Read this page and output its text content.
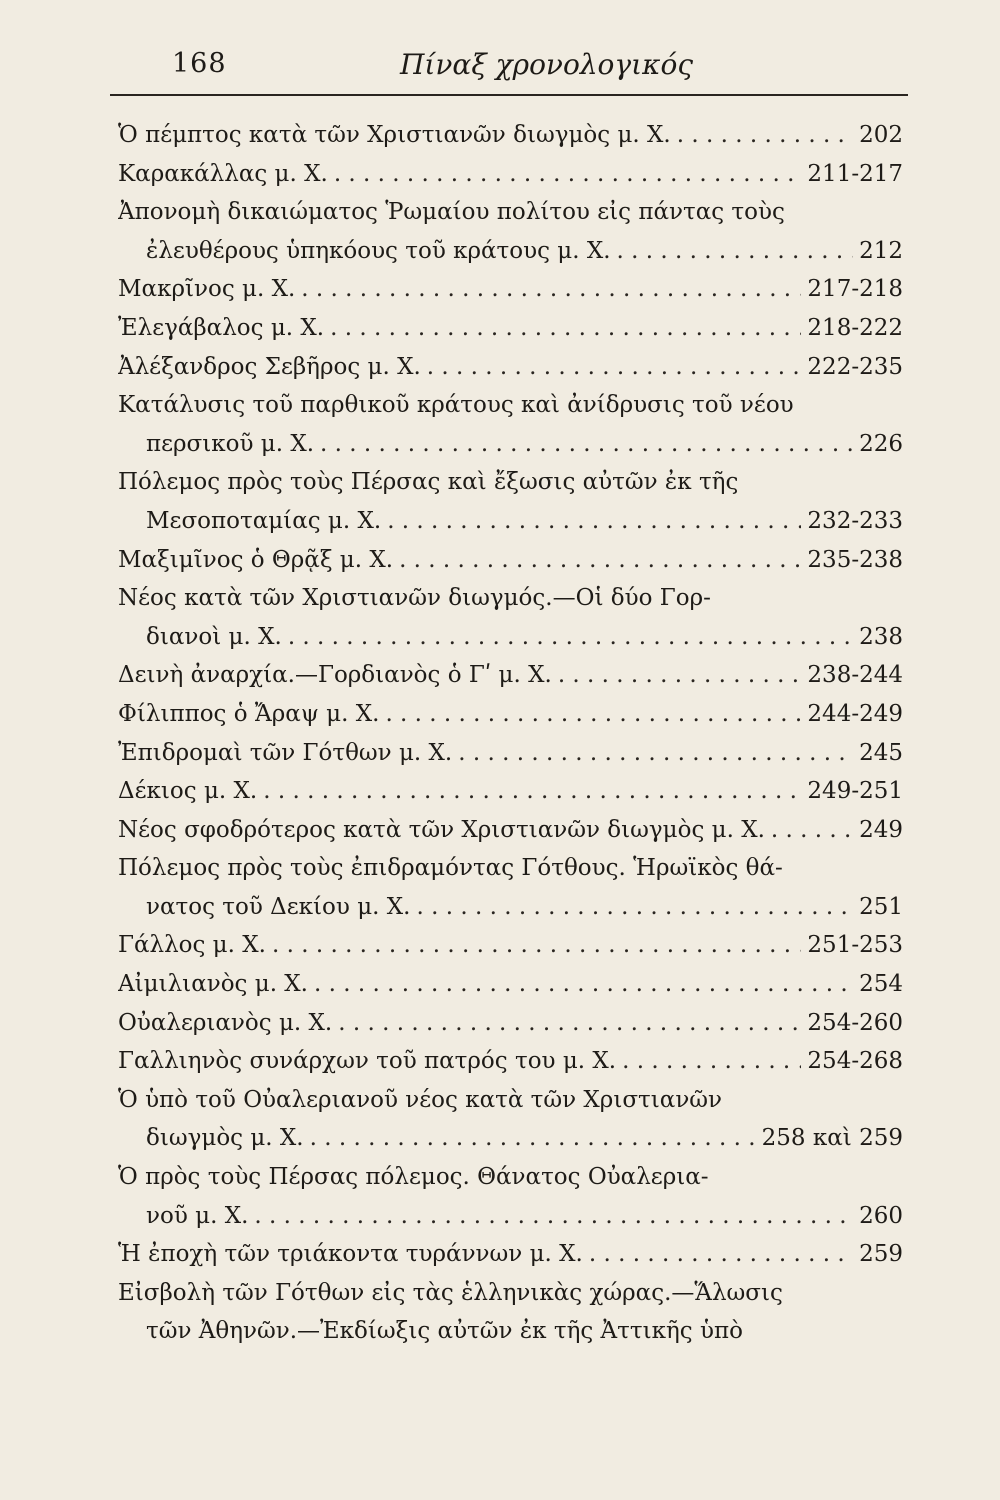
168	Πίναξ χρονολογικός
Ὁ πέμπτος κατὰ τῶν Χριστιανῶν διωγμὸς μ. Χ. . . .	202
Καρακάλλας μ. Χ. . . .	211-217
Ἀπονομὴ δικαιώματος Ῥωμαίου πολίτου εἰς πάντας τοὺς
ἐλευθέρους ὑπηκόους τοῦ κράτους μ. Χ. . . .	212
Μακρῖνος μ. Χ. . . .	217-218
Ἐλεγάβαλος μ. Χ. . . .	218-222
Ἀλέξανδρος Σεβῆρος μ. Χ. . . .	222-235
Κατάλυσις τοῦ παρθικοῦ κράτους καὶ ἀνίδρυσις τοῦ νέου
περσικοῦ μ. Χ. . . .	226
Πόλεμος πρὸς τοὺς Πέρσας καὶ ἔξωσις αὐτῶν ἐκ τῆς
Μεσοποταμίας μ. Χ. . . .	232-233
Μαξιμῖνος ὁ Θρᾷξ μ. Χ. . . .	235-238
Νέος κατὰ τῶν Χριστιανῶν διωγμός.—Οἱ δύο Γορ-
διανοὶ μ. Χ. . . .	238
Δεινὴ ἀναρχία.—Γορδιανὸς ὁ Γʹ μ. Χ. . . .	238-244
Φίλιππος ὁ Ἄραψ μ. Χ. . . .	244-249
Ἐπιδρομαὶ τῶν Γότθων μ. Χ. . . .	245
Δέκιος μ. Χ. . . .	249-251
Νέος σφοδρότερος κατὰ τῶν Χριστιανῶν διωγμὸς μ. Χ. . . .	249
Πόλεμος πρὸς τοὺς ἐπιδραμόντας Γότθους. Ἡρωϊκὸς θά-
νατος τοῦ Δεκίου μ. Χ. . . .	251
Γάλλος μ. Χ. . . .	251-253
Αἰμιλιανὸς μ. Χ. . . .	254
Οὐαλεριανὸς μ. Χ. . . .	254-260
Γαλλιηνὸς συνάρχων τοῦ πατρός του μ. Χ. . . .	254-268
Ὁ ὑπὸ τοῦ Οὐαλεριανοῦ νέος κατὰ τῶν Χριστιανῶν
διωγμὸς μ. Χ. . . .	258 καὶ 259
Ὁ πρὸς τοὺς Πέρσας πόλεμος. Θάνατος Οὐαλερια-
νοῦ μ. Χ. . . .	260
Ἡ ἐποχὴ τῶν τριάκοντα τυράννων μ. Χ. . . .	259
Εἰσβολὴ τῶν Γότθων εἰς τὰς ἑλληνικὰς χώρας.—Ἅλωσις
τῶν Ἀθηνῶν.—Ἐκδίωξις αὐτῶν ἐκ τῆς Ἀττικῆς ὑπὸ
